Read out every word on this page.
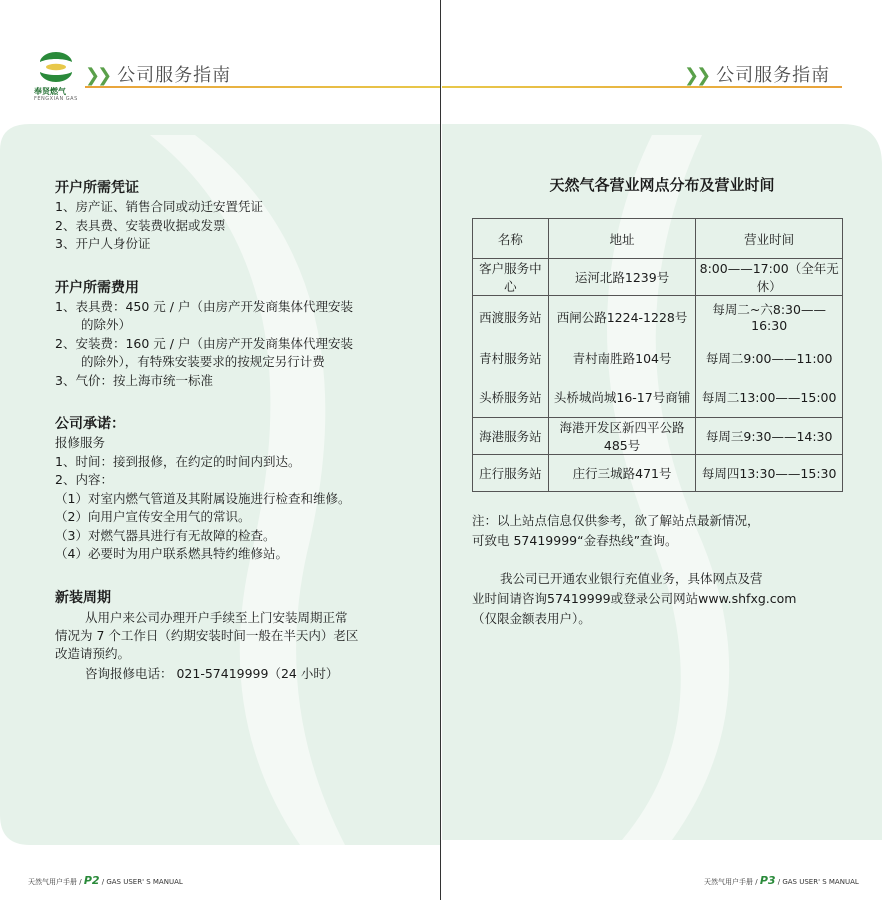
奉贤燃气
FENGXIAN GAS
❯❯ 公司服务指南

开户所需凭证

1、房产证、销售合同或动迁安置凭证

2、表具费、安装费收据或发票

3、开户人身份证

开户所需费用

1、表具费：450 元 / 户（由房产开发商集体代理安装

的除外）

2、安装费：160 元 / 户（由房产开发商集体代理安装

的除外），有特殊安装要求的按规定另行计费

3、气价：按上海市统一标准

公司承诺：

报修服务

1、时间：接到报修，在约定的时间内到达。

2、内容：

（1）对室内燃气管道及其附属设施进行检查和维修。

（2）向用户宣传安全用气的常识。

（3）对燃气器具进行有无故障的检查。

（4）必要时为用户联系燃具特约维修站。

新装周期

从用户来公司办理开户手续至上门安装周期正常

情况为 7 个工作日（约期安装时间一般在半天内）老区

改造请预约。

咨询报修电话： 021-57419999（24 小时）

天然气用户手册 / P2 / GAS USER' S MANUAL
❯❯ 公司服务指南
天然气各营业网点分布及营业时间
名称	地址	营业时间
客户服务中心	运河北路1239号	8:00——17:00（全年无休）
西渡服务站	西闸公路1224-1228号	每周二~六8:30——16:30
青村服务站	青村南胜路104号	每周二9:00——11:00
头桥服务站	头桥城尚城16-17号商铺	每周二13:00——15:00
海港服务站	海港开发区新四平公路485号	每周三9:30——14:30
庄行服务站	庄行三城路471号	每周四13:30——15:30
注：以上站点信息仅供参考，欲了解站点最新情况，
可致电 57419999“金春热线”查询。

我公司已开通农业银行充值业务，具体网点及营

业时间请咨询57419999或登录公司网站www.shfxg.com

（仅限金额表用户）。

天然气用户手册 / P3 / GAS USER' S MANUAL
